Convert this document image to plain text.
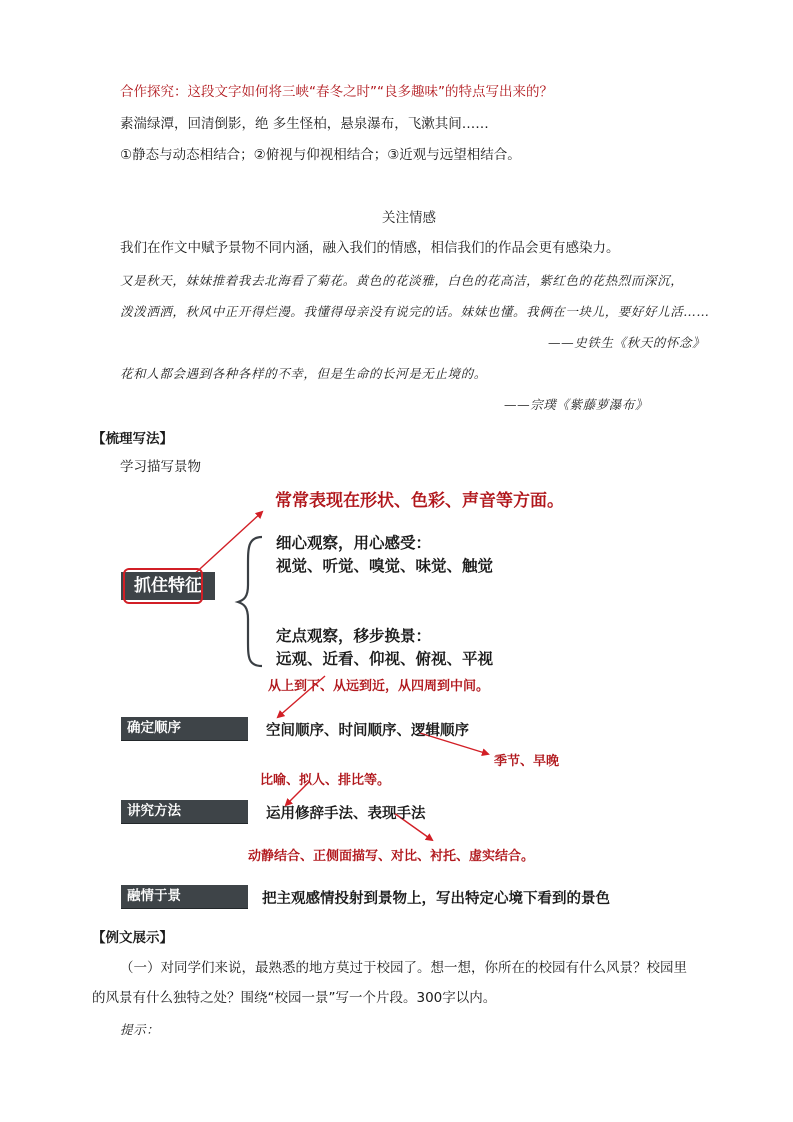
合作探究：这段文字如何将三峡“春冬之时”“良多趣味”的特点写出来的？
素湍绿潭，回清倒影，绝 多生怪柏，悬泉瀑布，飞漱其间……
①静态与动态相结合；②俯视与仰视相结合；③近观与远望相结合。
关注情感
我们在作文中赋予景物不同内涵，融入我们的情感，相信我们的作品会更有感染力。
又是秋天，妹妹推着我去北海看了菊花。黄色的花淡雅，白色的花高洁，紫红色的花热烈而深沉，
泼泼洒洒，秋风中正开得烂漫。我懂得母亲没有说完的话。妹妹也懂。我俩在一块儿，要好好儿活……
——史铁生《秋天的怀念》
花和人都会遇到各种各样的不幸，但是生命的长河是无止境的。
——宗璞《紫藤萝瀑布》
【梳理写法】
学习描写景物
抓住特征
常常表现在形状、色彩、声音等方面。
细心观察，用心感受：
视觉、听觉、嗅觉、味觉、触觉
定点观察，移步换景：
远观、近看、仰视、俯视、平视
从上到下、从远到近，从四周到中间。
确定顺序	空间顺序、时间顺序、逻辑顺序
季节、早晚
比喻、拟人、排比等。
讲究方法	运用修辞手法、表现手法
动静结合、正侧面描写、对比、衬托、虚实结合。
融情于景	把主观感情投射到景物上，写出特定心境下看到的景色
【例文展示】
（一）对同学们来说，最熟悉的地方莫过于校园了。想一想，你所在的校园有什么风景？校园里
的风景有什么独特之处？围绕“校园一景”写一个片段。300字以内。
提示：
